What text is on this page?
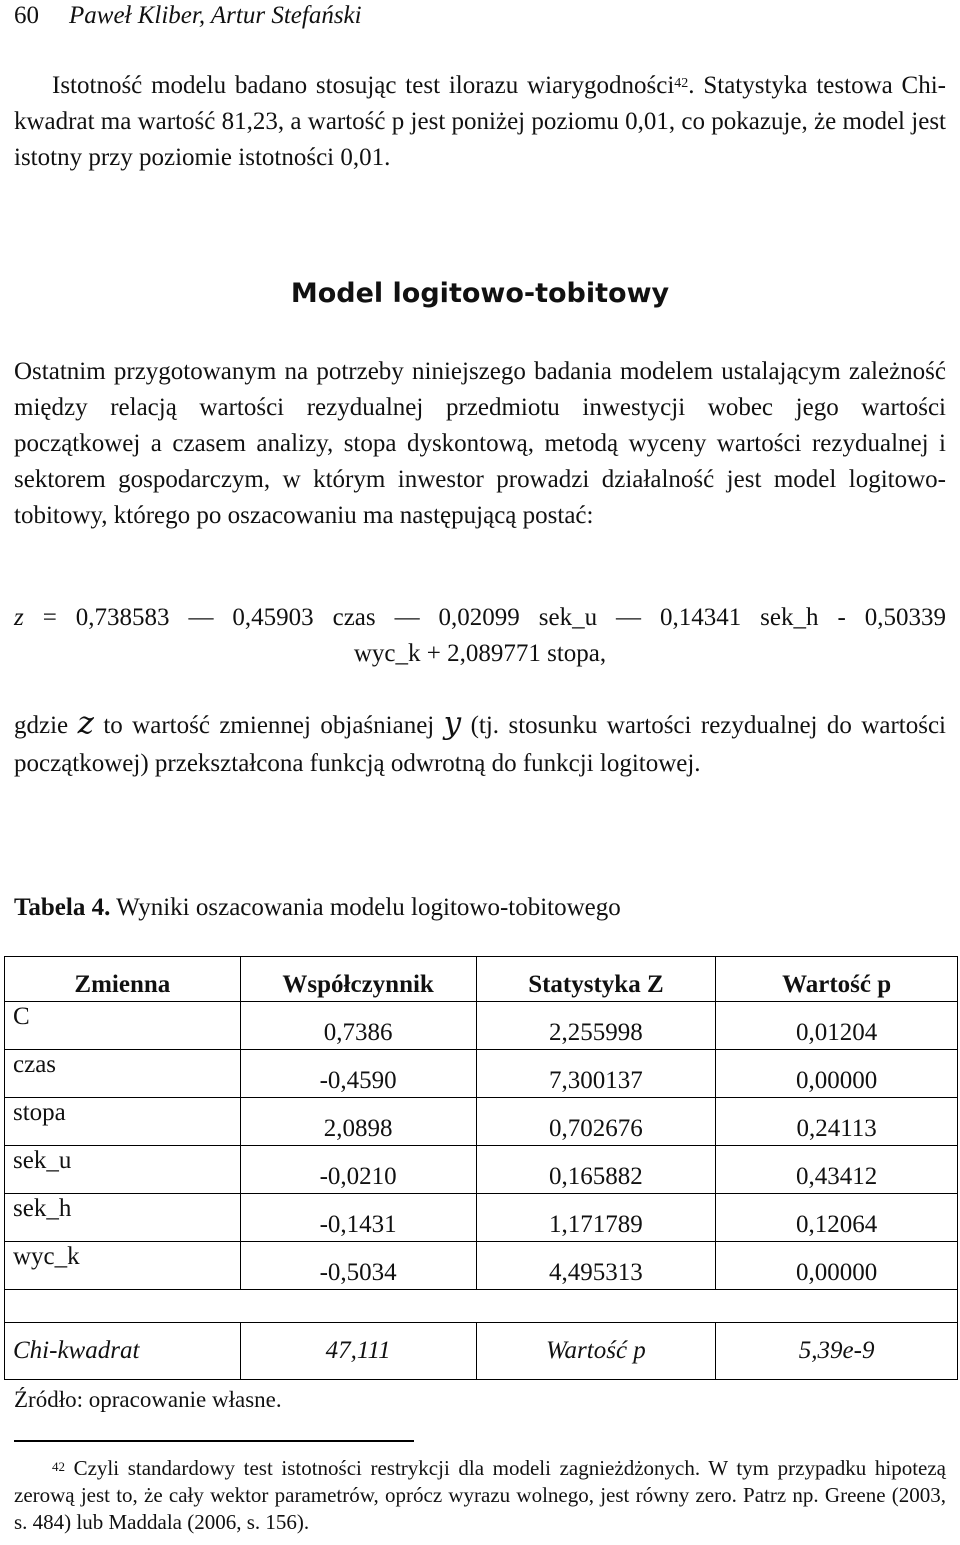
60 Paweł Kliber, Artur Stefański

Istotność modelu badano stosując test ilorazu wiarygodności$^{42}$. Statystyka testowa Chi-kwadrat ma wartość 81,23, a wartość p jest poniżej poziomu 0,01, co pokazuje, że model jest istotny przy poziomie istotności 0,01.

Model logitowo-tobitowy

Ostatnim przygotowanym na potrzeby niniejszego badania modelem ustalającym zależność między relacją wartości rezydualnej przedmiotu inwestycji wobec jego wartości początkowej a czasem analizy, stopa dyskontową, metodą wyceny wartości rezydualnej i sektorem gospodarczym, w którym inwestor prowadzi działalność jest model logitowo-tobitowy, którego po oszacowaniu ma następującą postać:

z = 0,738583 — 0,45903 czas — 0,02099 sek_u — 0,14341 sek_h - 0,50339
wyc_k + 2,089771 stopa,

gdzie z to wartość zmiennej objaśnianej y (tj. stosunku wartości rezydualnej do wartości początkowej) przekształcona funkcją odwrotną do funkcji logitowej.

Tabela 4. Wyniki oszacowania modelu logitowo-tobitowego

Zmienna	Współczynnik	Statystyka Z	Wartość p
C	0,7386	2,255998	0,01204
czas	-0,4590	7,300137	0,00000
stopa	2,0898	0,702676	0,24113
sek_u	-0,0210	0,165882	0,43412
sek_h	-0,1431	1,171789	0,12064
wyc_k	-0,5034	4,495313	0,00000

Chi-kwadrat	47,111	Wartość p	5,39e-9

Źródło: opracowanie własne.

$^{42}$ Czyli standardowy test istotności restrykcji dla modeli zagnieżdżonych. W tym przypadku hipotezą zerową jest to, że cały wektor parametrów, oprócz wyrazu wolnego, jest równy zero. Patrz np. Greene (2003, s. 484) lub Maddala (2006, s. 156).
